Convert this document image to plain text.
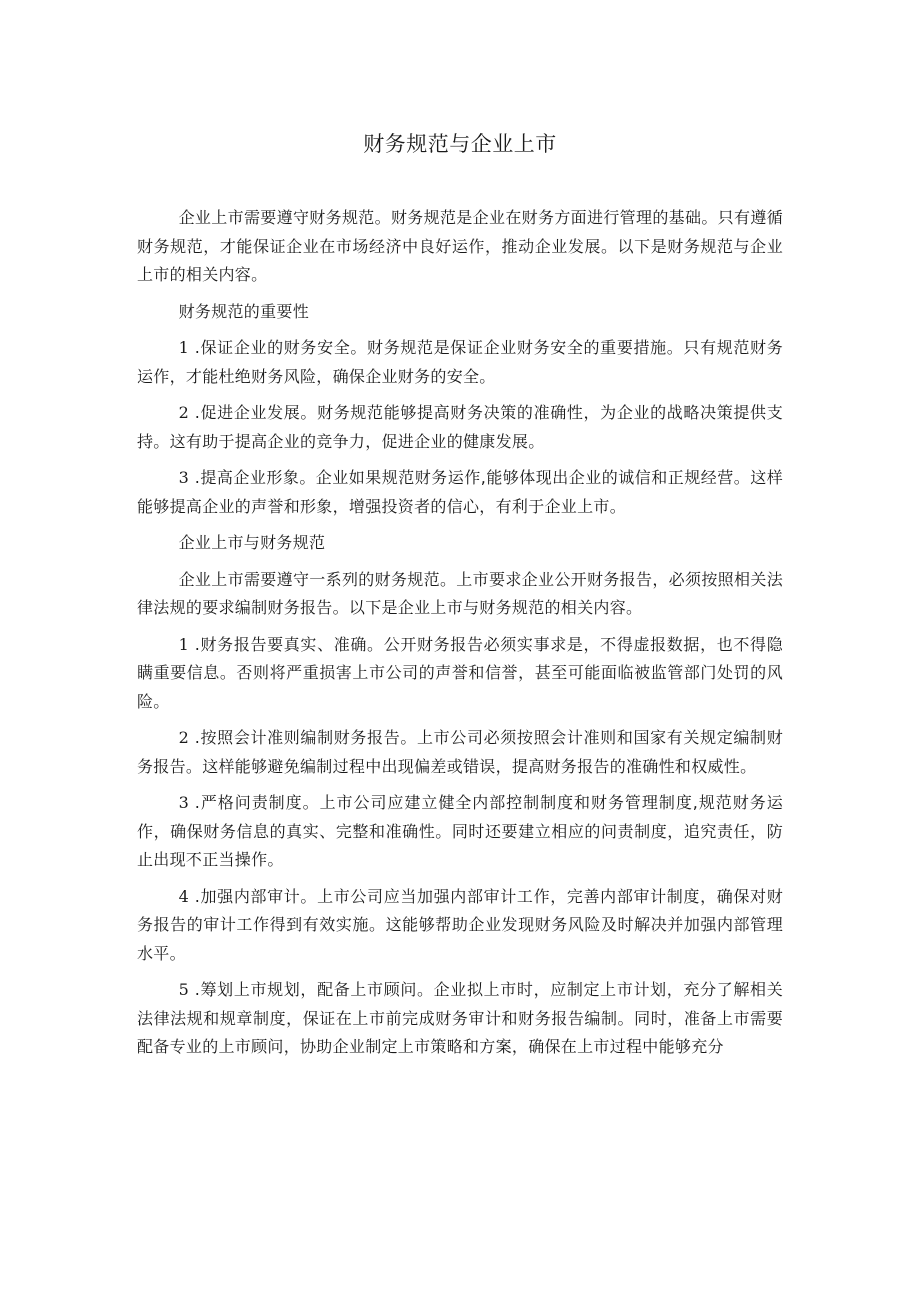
财务规范与企业上市

企业上市需要遵守财务规范。财务规范是企业在财务方面进行管理的基础。只有遵循财务规范，才能保证企业在市场经济中良好运作，推动企业发展。以下是财务规范与企业上市的相关内容。

财务规范的重要性

1 .保证企业的财务安全。财务规范是保证企业财务安全的重要措施。只有规范财务运作，才能杜绝财务风险，确保企业财务的安全。

2 .促进企业发展。财务规范能够提高财务决策的准确性，为企业的战略决策提供支持。这有助于提高企业的竞争力，促进企业的健康发展。

3 .提高企业形象。企业如果规范财务运作,能够体现出企业的诚信和正规经营。这样能够提高企业的声誉和形象，增强投资者的信心，有利于企业上市。

企业上市与财务规范

企业上市需要遵守一系列的财务规范。上市要求企业公开财务报告，必须按照相关法律法规的要求编制财务报告。以下是企业上市与财务规范的相关内容。

1 .财务报告要真实、准确。公开财务报告必须实事求是，不得虚报数据，也不得隐瞒重要信息。否则将严重损害上市公司的声誉和信誉，甚至可能面临被监管部门处罚的风险。

2 .按照会计准则编制财务报告。上市公司必须按照会计准则和国家有关规定编制财务报告。这样能够避免编制过程中出现偏差或错误，提高财务报告的准确性和权威性。

3 .严格问责制度。上市公司应建立健全内部控制制度和财务管理制度,规范财务运作，确保财务信息的真实、完整和准确性。同时还要建立相应的问责制度，追究责任，防止出现不正当操作。

4 .加强内部审计。上市公司应当加强内部审计工作，完善内部审计制度，确保对财务报告的审计工作得到有效实施。这能够帮助企业发现财务风险及时解决并加强内部管理水平。

5 .筹划上市规划，配备上市顾问。企业拟上市时，应制定上市计划，充分了解相关法律法规和规章制度，保证在上市前完成财务审计和财务报告编制。同时，准备上市需要配备专业的上市顾问，协助企业制定上市策略和方案，确保在上市过程中能够充分
